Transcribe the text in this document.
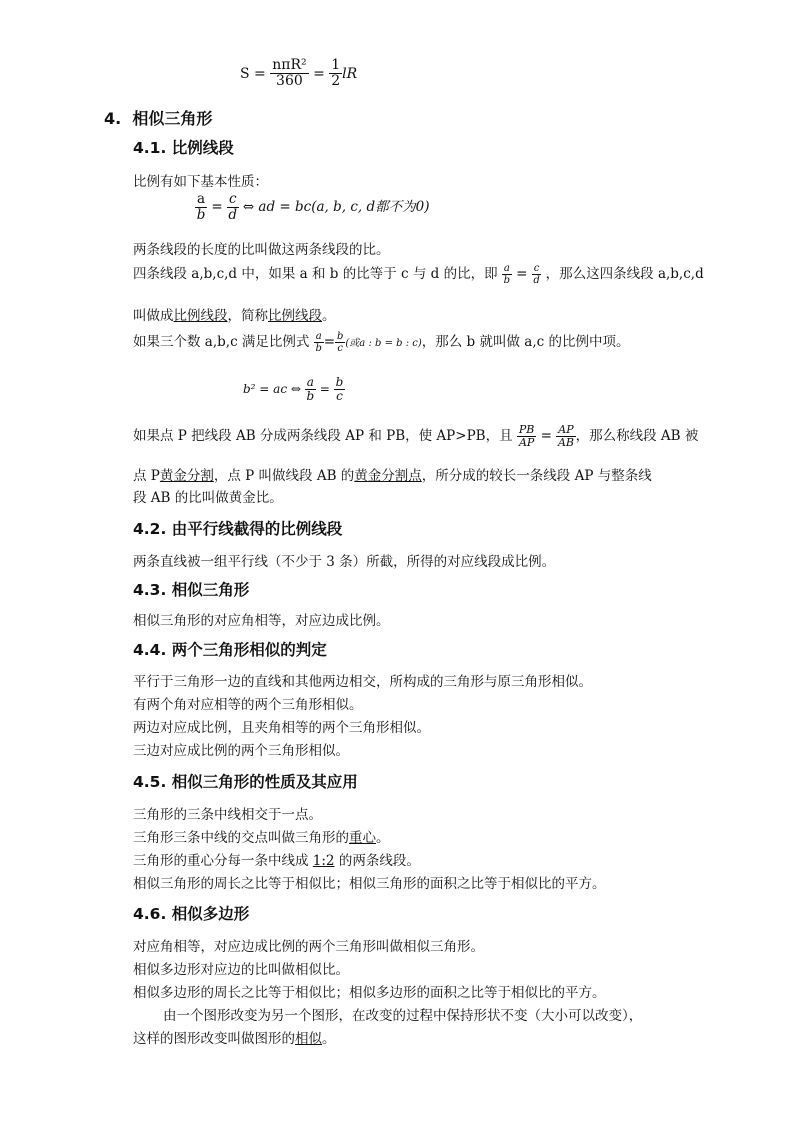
$S = \frac{\text{nπR²}}{360} = \frac{1}{2}$ lR
4. 相似三角形
4.1. 比例线段
比例有如下基本性质：
$\frac{a}{b} = \frac{c}{d}$ ⇔ ad = bc(a, b, c, d都不为0)
两条线段的长度的比叫做这两条线段的比。
四条线段 a,b,c,d 中，如果 a 和 b 的比等于 c 与 d 的比，即 $\frac{a}{b} = \frac{c}{d}$ ，那么这四条线段 a,b,c,d
叫做成比例线段，简称比例线段。
如果三个数 a,b,c 满足比例式 $\frac{a}{b} = \frac{b}{c}$ (或a : b = b : c)，那么 b 就叫做 a,c 的比例中项。
b² = ac ⇔ $\frac{a}{b} = \frac{b}{c}$
如果点 P 把线段 AB 分成两条线段 AP 和 PB，使 AP>PB，且 $\frac{PB}{AP} = \frac{AP}{AB}$ ，那么称线段 AB 被
点 P黄金分割，点 P 叫做线段 AB 的黄金分割点，所分成的较长一条线段 AP 与整条线
段 AB 的比叫做黄金比。
4.2. 由平行线截得的比例线段
两条直线被一组平行线（不少于 3 条）所截，所得的对应线段成比例。
4.3. 相似三角形
相似三角形的对应角相等，对应边成比例。
4.4. 两个三角形相似的判定
平行于三角形一边的直线和其他两边相交，所构成的三角形与原三角形相似。
有两个角对应相等的两个三角形相似。
两边对应成比例，且夹角相等的两个三角形相似。
三边对应成比例的两个三角形相似。
4.5. 相似三角形的性质及其应用
三角形的三条中线相交于一点。
三角形三条中线的交点叫做三角形的重心。
三角形的重心分每一条中线成 1:2 的两条线段。
相似三角形的周长之比等于相似比；相似三角形的面积之比等于相似比的平方。
4.6. 相似多边形
对应角相等，对应边成比例的两个三角形叫做相似三角形。
相似多边形对应边的比叫做相似比。
相似多边形的周长之比等于相似比；相似多边形的面积之比等于相似比的平方。
由一个图形改变为另一个图形，在改变的过程中保持形状不变（大小可以改变），
这样的图形改变叫做图形的相似。
